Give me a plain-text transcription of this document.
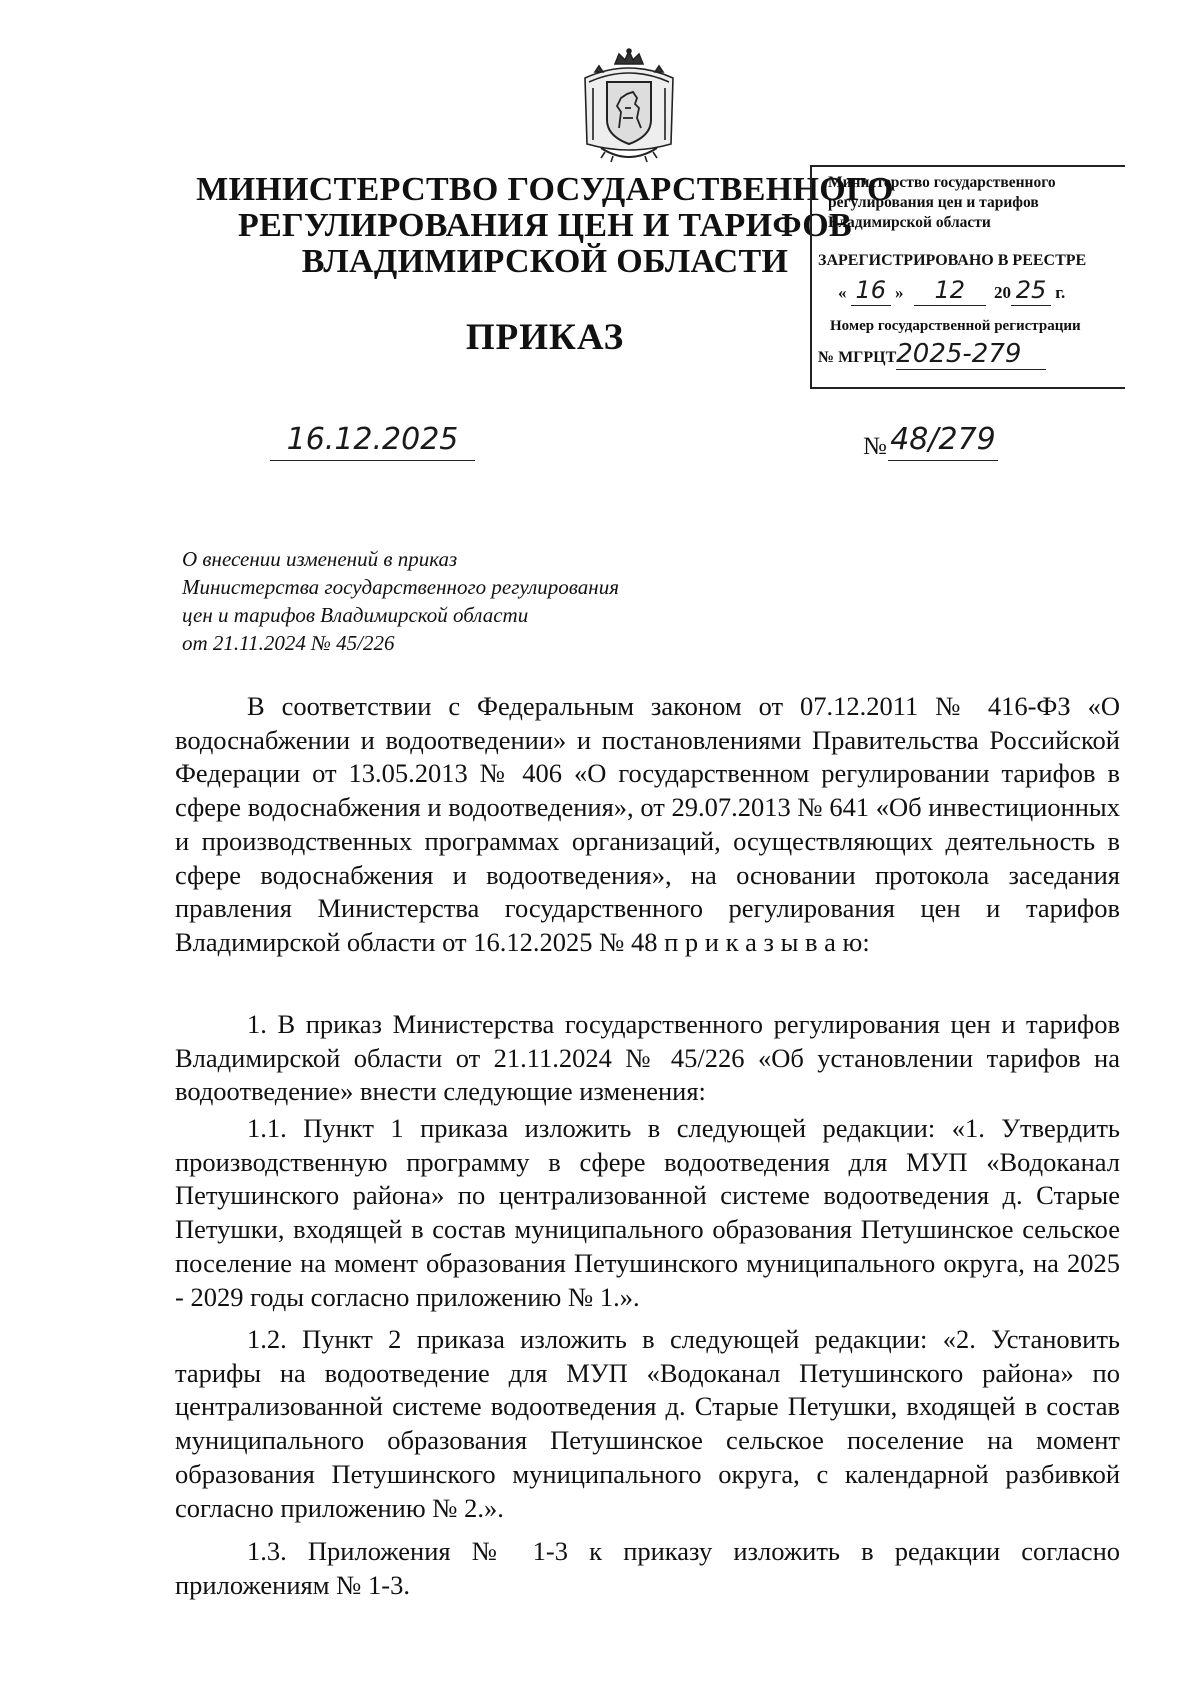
МИНИСТЕРСТВО ГОСУДАРСТВЕННОГО
РЕГУЛИРОВАНИЯ ЦЕН И ТАРИФОВ
ВЛАДИМИРСКОЙ ОБЛАСТИ
ПРИКАЗ
Министерство государственного
регулирования цен и тарифов
Владимирской области
ЗАРЕГИСТРИРОВАНО В РЕЕСТРЕ
« 16 » 12 20 25 г.
Номер государственной регистрации
№ МГРЦТ2025-279
16.12.2025	№ 48/279
О внесении изменений в приказ
Министерства государственного регулирования
цен и тарифов Владимирской области
от 21.11.2024 № 45/226
В соответствии с Федеральным законом от 07.12.2011 № 416-ФЗ «О водоснабжении и водоотведении» и постановлениями Правительства Российской Федерации от 13.05.2013 № 406 «О государственном регулировании тарифов в сфере водоснабжения и водоотведения», от 29.07.2013 № 641 «Об инвестиционных и производственных программах организаций, осуществляющих деятельность в сфере водоснабжения и водоотведения», на основании протокола заседания правления Министерства государственного регулирования цен и тарифов Владимирской области от 16.12.2025 № 48 п р и к а з ы в а ю:
1. В приказ Министерства государственного регулирования цен и тарифов Владимирской области от 21.11.2024 № 45/226 «Об установлении тарифов на водоотведение» внести следующие изменения:
1.1. Пункт 1 приказа изложить в следующей редакции: «1. Утвердить производственную программу в сфере водоотведения для МУП «Водоканал Петушинского района» по централизованной системе водоотведения д. Старые Петушки, входящей в состав муниципального образования Петушинское сельское поселение на момент образования Петушинского муниципального округа, на 2025 - 2029 годы согласно приложению № 1.».
1.2. Пункт 2 приказа изложить в следующей редакции: «2. Установить тарифы на водоотведение для МУП «Водоканал Петушинского района» по централизованной системе водоотведения д. Старые Петушки, входящей в состав муниципального образования Петушинское сельское поселение на момент образования Петушинского муниципального округа, с календарной разбивкой согласно приложению № 2.».
1.3. Приложения № 1-3 к приказу изложить в редакции согласно приложениям № 1-3.
